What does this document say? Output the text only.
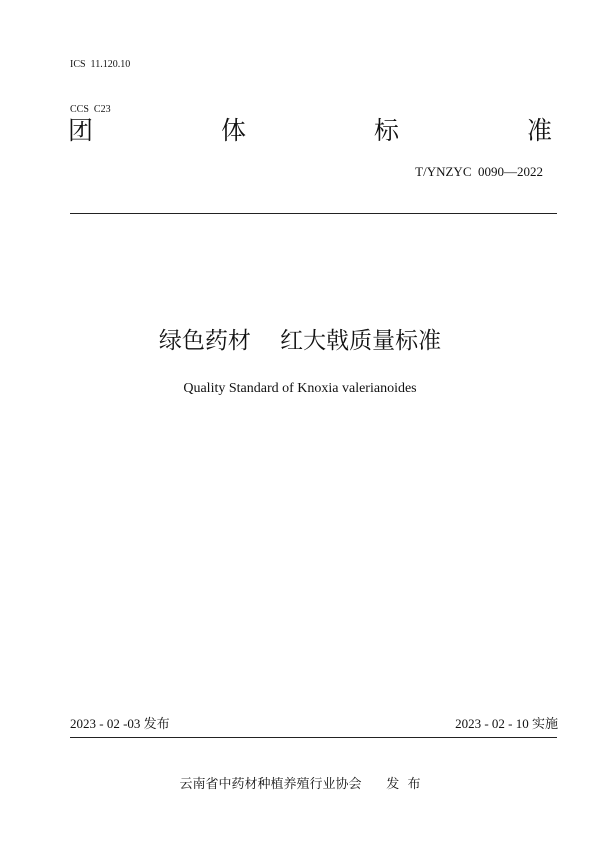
ICS  11.120.10

CCS  C23

团	体	标	准
T/YNZYC  0090—2022
绿色药材    红大戟质量标准
Quality Standard of Knoxia valerianoides
2023 - 02 -03 发布	2023 - 02 - 10 实施
云南省中药材种植养殖行业协会      发  布
